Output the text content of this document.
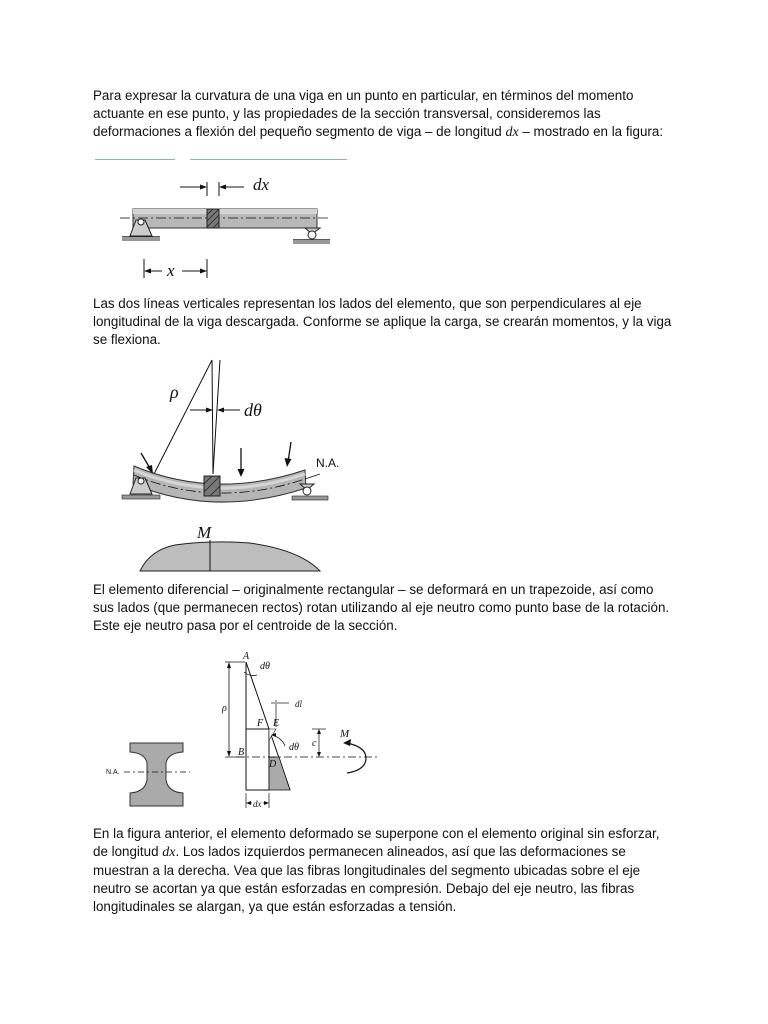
Para expresar la curvatura de una viga en un punto en particular, en términos del momento actuante en ese punto, y las propiedades de la sección transversal, consideremos las deformaciones a flexión del pequeño segmento de viga – de longitud dx – mostrado en la figura:

dx
x

Las dos líneas verticales representan los lados del elemento, que son perpendiculares al eje longitudinal de la viga descargada. Conforme se aplique la carga, se crearán momentos, y la viga se flexiona.

ρ
dθ
N.A.
M

El elemento diferencial – originalmente rectangular – se deformará en un trapezoide, así como sus lados (que permanecen rectos) rotan utilizando al eje neutro como punto base de la rotación. Este eje neutro pasa por el centroide de la sección.

N.A.
A
ρ
dθ
dl
F E
dθ c
B
D
dx
M

En la figura anterior, el elemento deformado se superpone con el elemento original sin esforzar, de longitud dx. Los lados izquierdos permanecen alineados, así que las deformaciones se muestran a la derecha. Vea que las fibras longitudinales del segmento ubicadas sobre el eje neutro se acortan ya que están esforzadas en compresión. Debajo del eje neutro, las fibras longitudinales se alargan, ya que están esforzadas a tensión.
